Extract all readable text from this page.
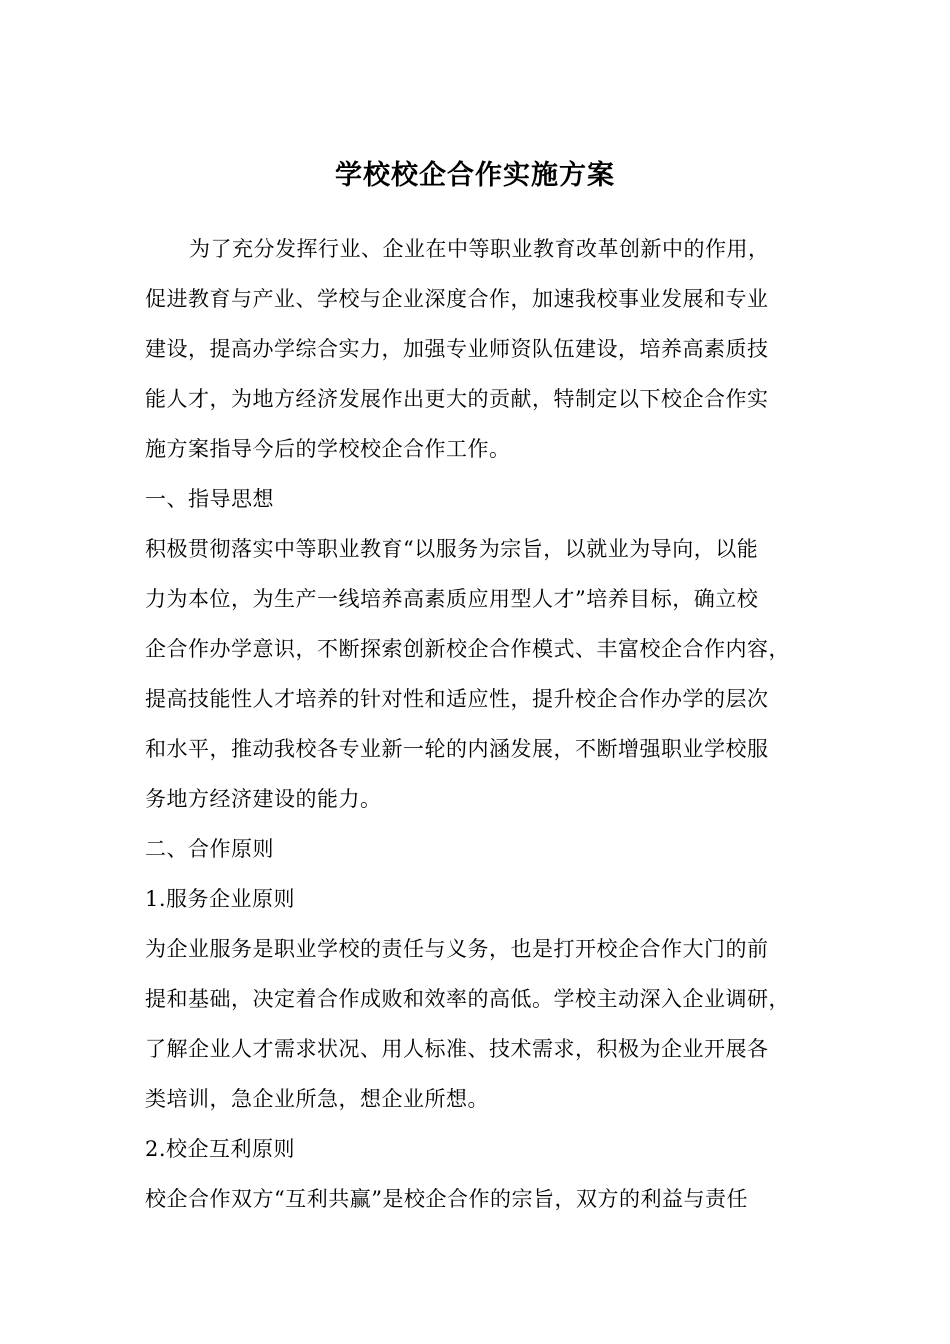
学校校企合作实施方案
为了充分发挥行业、企业在中等职业教育改革创新中的作用，
促进教育与产业、学校与企业深度合作，加速我校事业发展和专业
建设，提高办学综合实力，加强专业师资队伍建设，培养高素质技
能人才，为地方经济发展作出更大的贡献，特制定以下校企合作实
施方案指导今后的学校校企合作工作。
一、指导思想
积极贯彻落实中等职业教育“以服务为宗旨，以就业为导向，以能
力为本位，为生产一线培养高素质应用型人才”培养目标，确立校
企合作办学意识，不断探索创新校企合作模式、丰富校企合作内容，
提高技能性人才培养的针对性和适应性，提升校企合作办学的层次
和水平，推动我校各专业新一轮的内涵发展，不断增强职业学校服
务地方经济建设的能力。
二、合作原则
1.服务企业原则
为企业服务是职业学校的责任与义务，也是打开校企合作大门的前
提和基础，决定着合作成败和效率的高低。学校主动深入企业调研，
了解企业人才需求状况、用人标准、技术需求，积极为企业开展各
类培训，急企业所急，想企业所想。
2.校企互利原则
校企合作双方“互利共赢”是校企合作的宗旨，双方的利益与责任
